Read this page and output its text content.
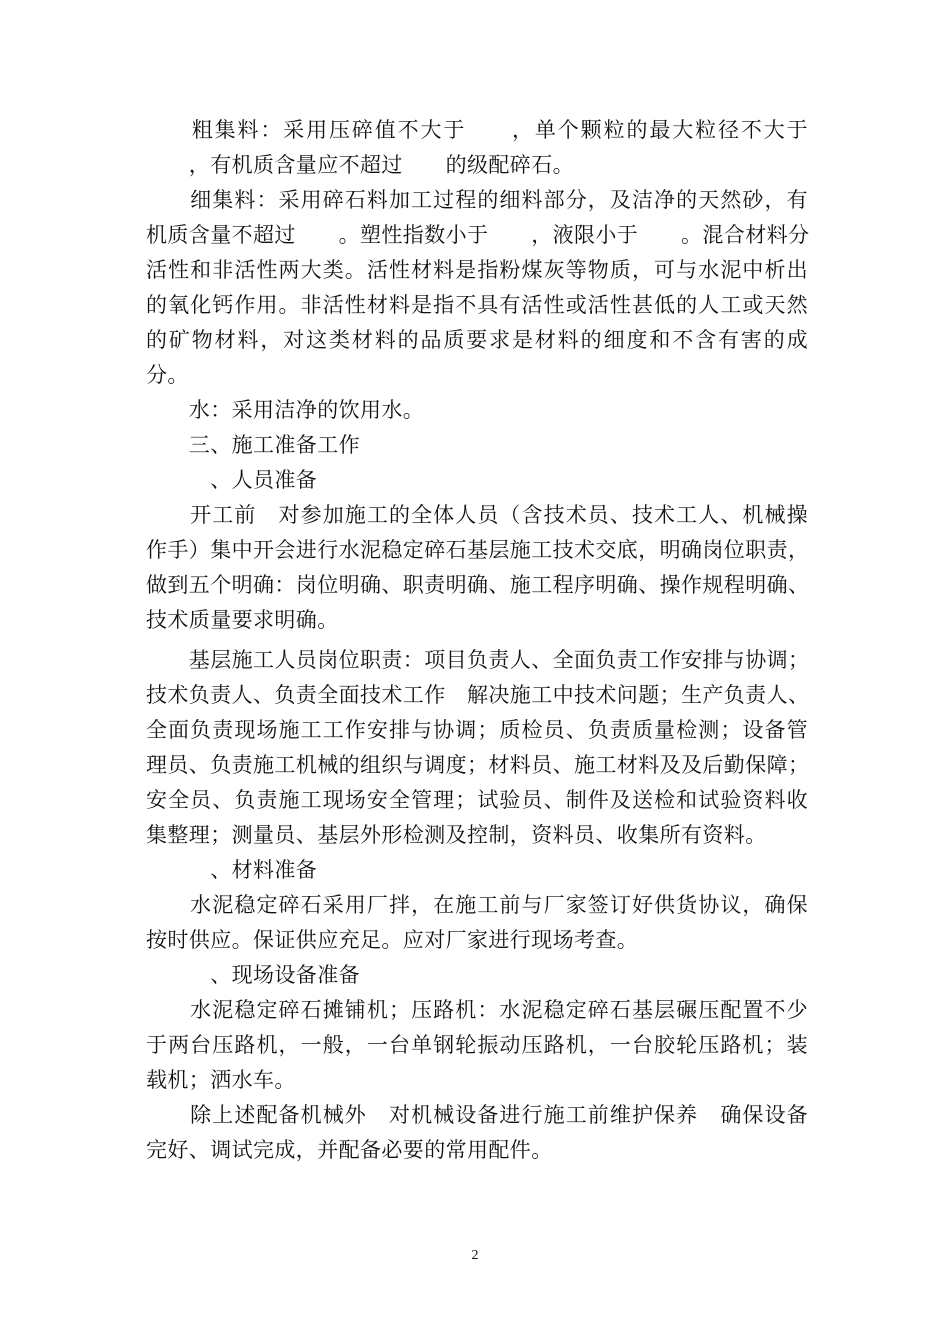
　　粗集料：采用压碎值不大于　　，单个颗粒的最大粒径不大于
　　，有机质含量应不超过　　的级配碎石。
　　细集料：采用碎石料加工过程的细料部分，及洁净的天然砂，有
机质含量不超过　　。塑性指数小于　　，液限小于　　。混合材料分
活性和非活性两大类。活性材料是指粉煤灰等物质，可与水泥中析出
的氧化钙作用。非活性材料是指不具有活性或活性甚低的人工或天然
的矿物材料，对这类材料的品质要求是材料的细度和不含有害的成
分。
　　水：采用洁净的饮用水。
　　三、施工准备工作
　　　、人员准备
　　开工前　对参加施工的全体人员（含技术员、技术工人、机械操
作手）集中开会进行水泥稳定碎石基层施工技术交底，明确岗位职责，
做到五个明确：岗位明确、职责明确、施工程序明确、操作规程明确、
技术质量要求明确。
　　基层施工人员岗位职责：项目负责人、全面负责工作安排与协调；
技术负责人、负责全面技术工作　解决施工中技术问题；生产负责人、
全面负责现场施工工作安排与协调；质检员、负责质量检测；设备管
理员、负责施工机械的组织与调度；材料员、施工材料及及后勤保障；
安全员、负责施工现场安全管理；试验员、制件及送检和试验资料收
集整理；测量员、基层外形检测及控制，资料员、收集所有资料。
　　　、材料准备
　　水泥稳定碎石采用厂拌，在施工前与厂家签订好供货协议，确保
按时供应。保证供应充足。应对厂家进行现场考查。
　　　、现场设备准备
　　水泥稳定碎石摊铺机；压路机：水泥稳定碎石基层碾压配置不少
于两台压路机，一般，一台单钢轮振动压路机，一台胶轮压路机；装
载机；洒水车。
　　除上述配备机械外　对机械设备进行施工前维护保养　确保设备
完好、调试完成，并配备必要的常用配件。
2
